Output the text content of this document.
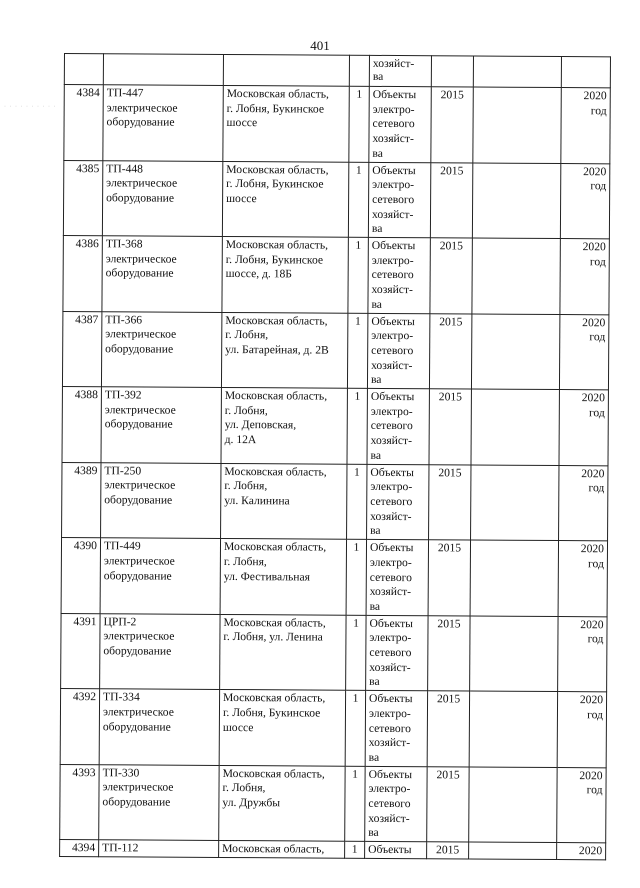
401
· · · · · · · · · ·
				хозяйст-
ва			
4384	ТП-447
электрическое
оборудование	Московская область,
г. Лобня, Букинское
шоссе	1	Объекты
электро-
сетевого
хозяйст-
ва	2015		2020
год
4385	ТП-448
электрическое
оборудование	Московская область,
г. Лобня, Букинское
шоссе	1	Объекты
электро-
сетевого
хозяйст-
ва	2015		2020
год
4386	ТП-368
электрическое
оборудование	Московская область,
г. Лобня, Букинское
шоссе, д. 18Б	1	Объекты
электро-
сетевого
хозяйст-
ва	2015		2020
год
4387	ТП-366
электрическое
оборудование	Московская область,
г. Лобня,
ул. Батарейная, д. 2В	1	Объекты
электро-
сетевого
хозяйст-
ва	2015		2020
год
4388	ТП-392
электрическое
оборудование	Московская область,
г. Лобня,
ул. Деповская,
д. 12А	1	Объекты
электро-
сетевого
хозяйст-
ва	2015		2020
год
4389	ТП-250
электрическое
оборудование	Московская область,
г. Лобня,
ул. Калинина	1	Объекты
электро-
сетевого
хозяйст-
ва	2015		2020
год
4390	ТП-449
электрическое
оборудование	Московская область,
г. Лобня,
ул. Фестивальная	1	Объекты
электро-
сетевого
хозяйст-
ва	2015		2020
год
4391	ЦРП-2
электрическое
оборудование	Московская область,
г. Лобня, ул. Ленина	1	Объекты
электро-
сетевого
хозяйст-
ва	2015		2020
год
4392	ТП-334
электрическое
оборудование	Московская область,
г. Лобня, Букинское
шоссе	1	Объекты
электро-
сетевого
хозяйст-
ва	2015		2020
год
4393	ТП-330
электрическое
оборудование	Московская область,
г. Лобня,
ул. Дружбы	1	Объекты
электро-
сетевого
хозяйст-
ва	2015		2020
год
4394	ТП-112	Московская область,	1	Объекты	2015		2020
